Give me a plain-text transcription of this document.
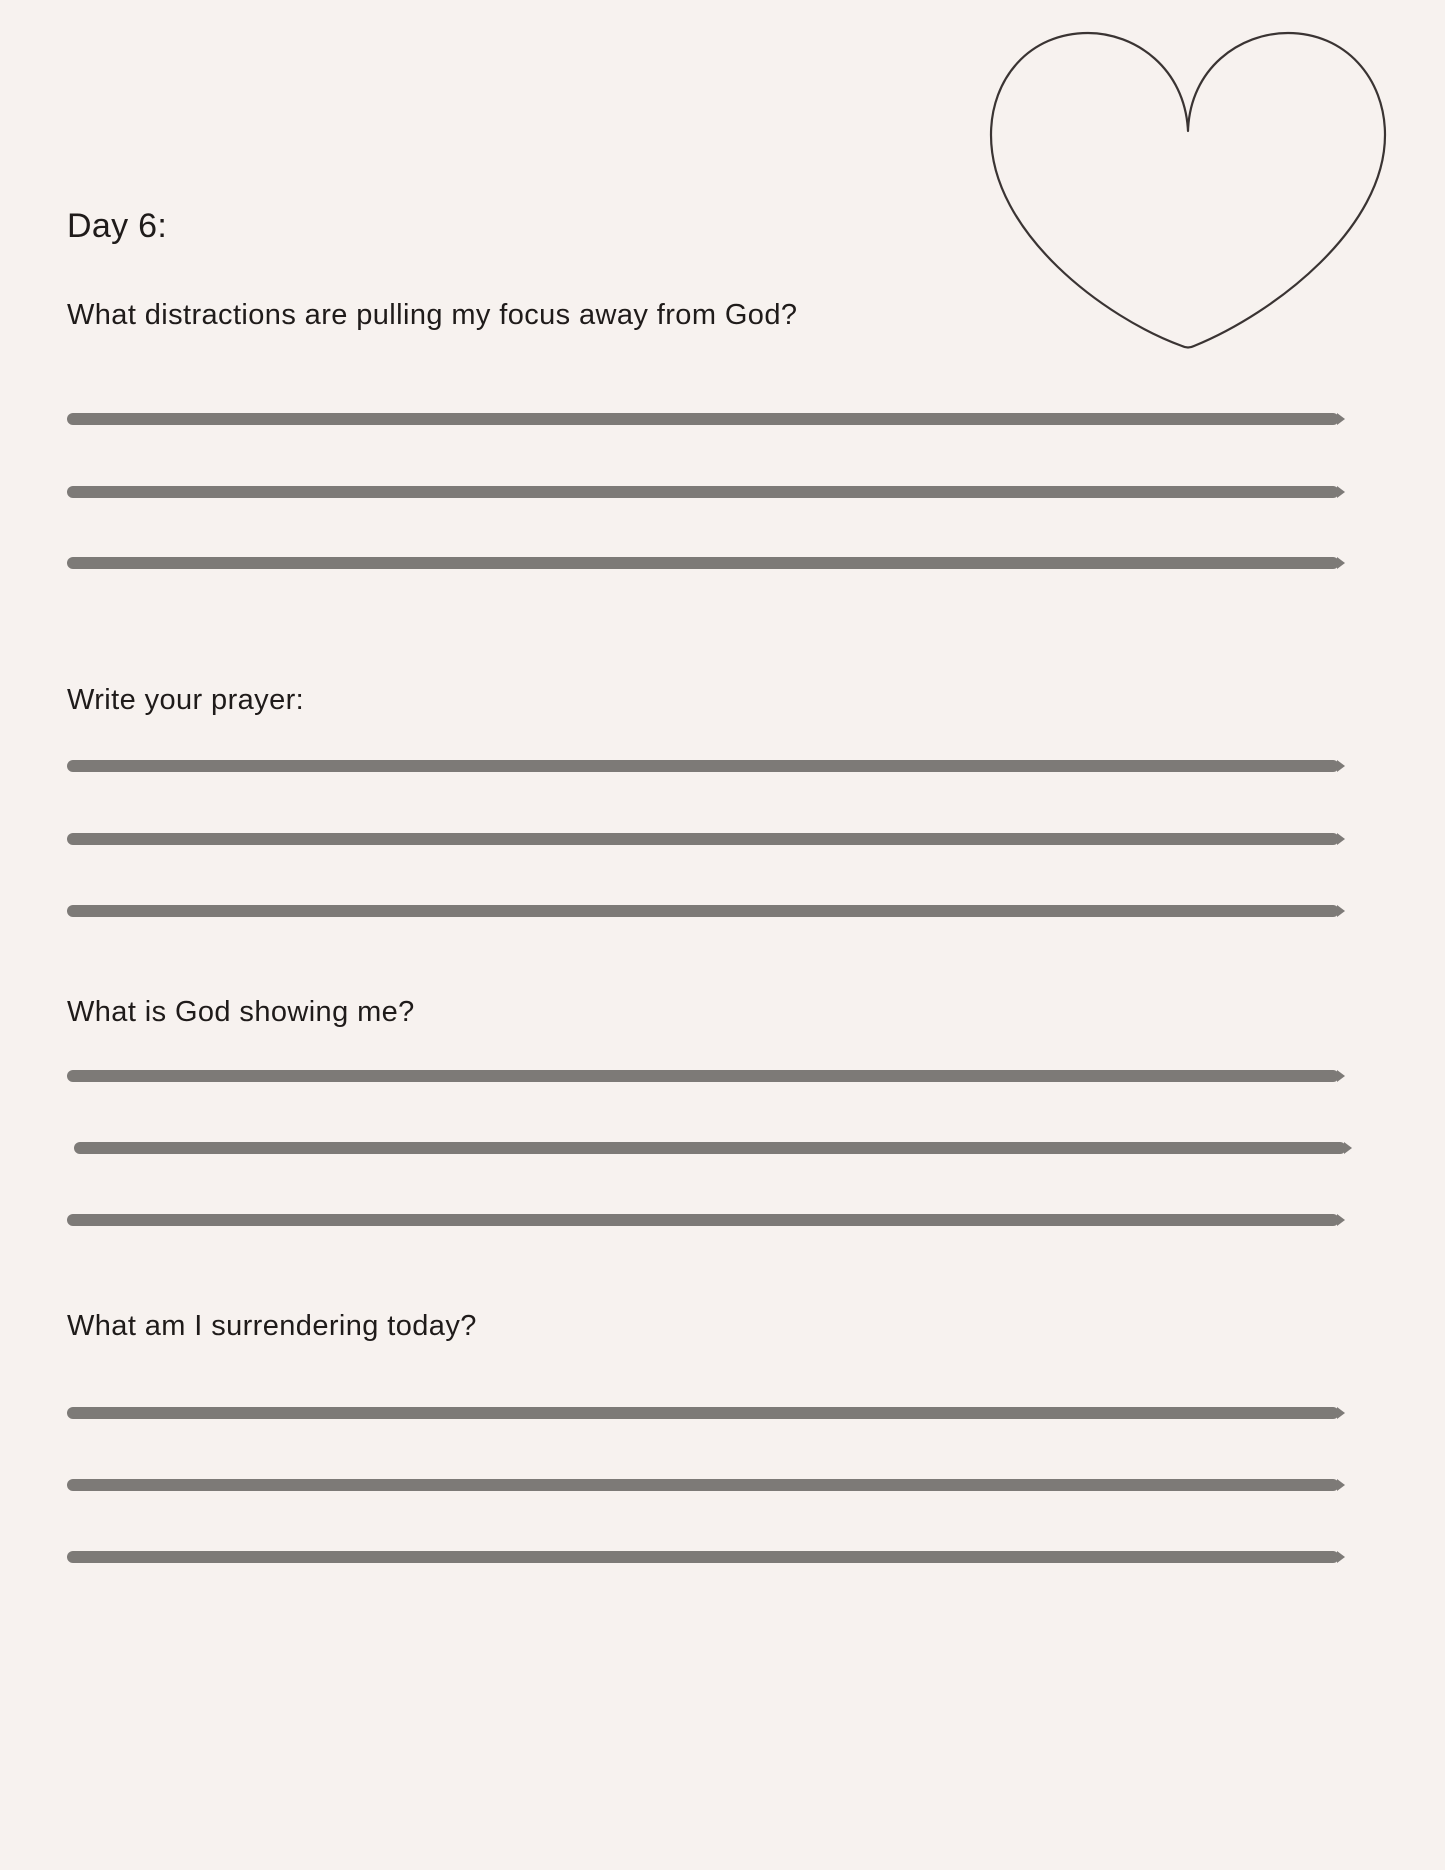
Day 6:

What distractions are pulling my focus away from God?

Write your prayer:

What is God showing me?

What am I surrendering today?
